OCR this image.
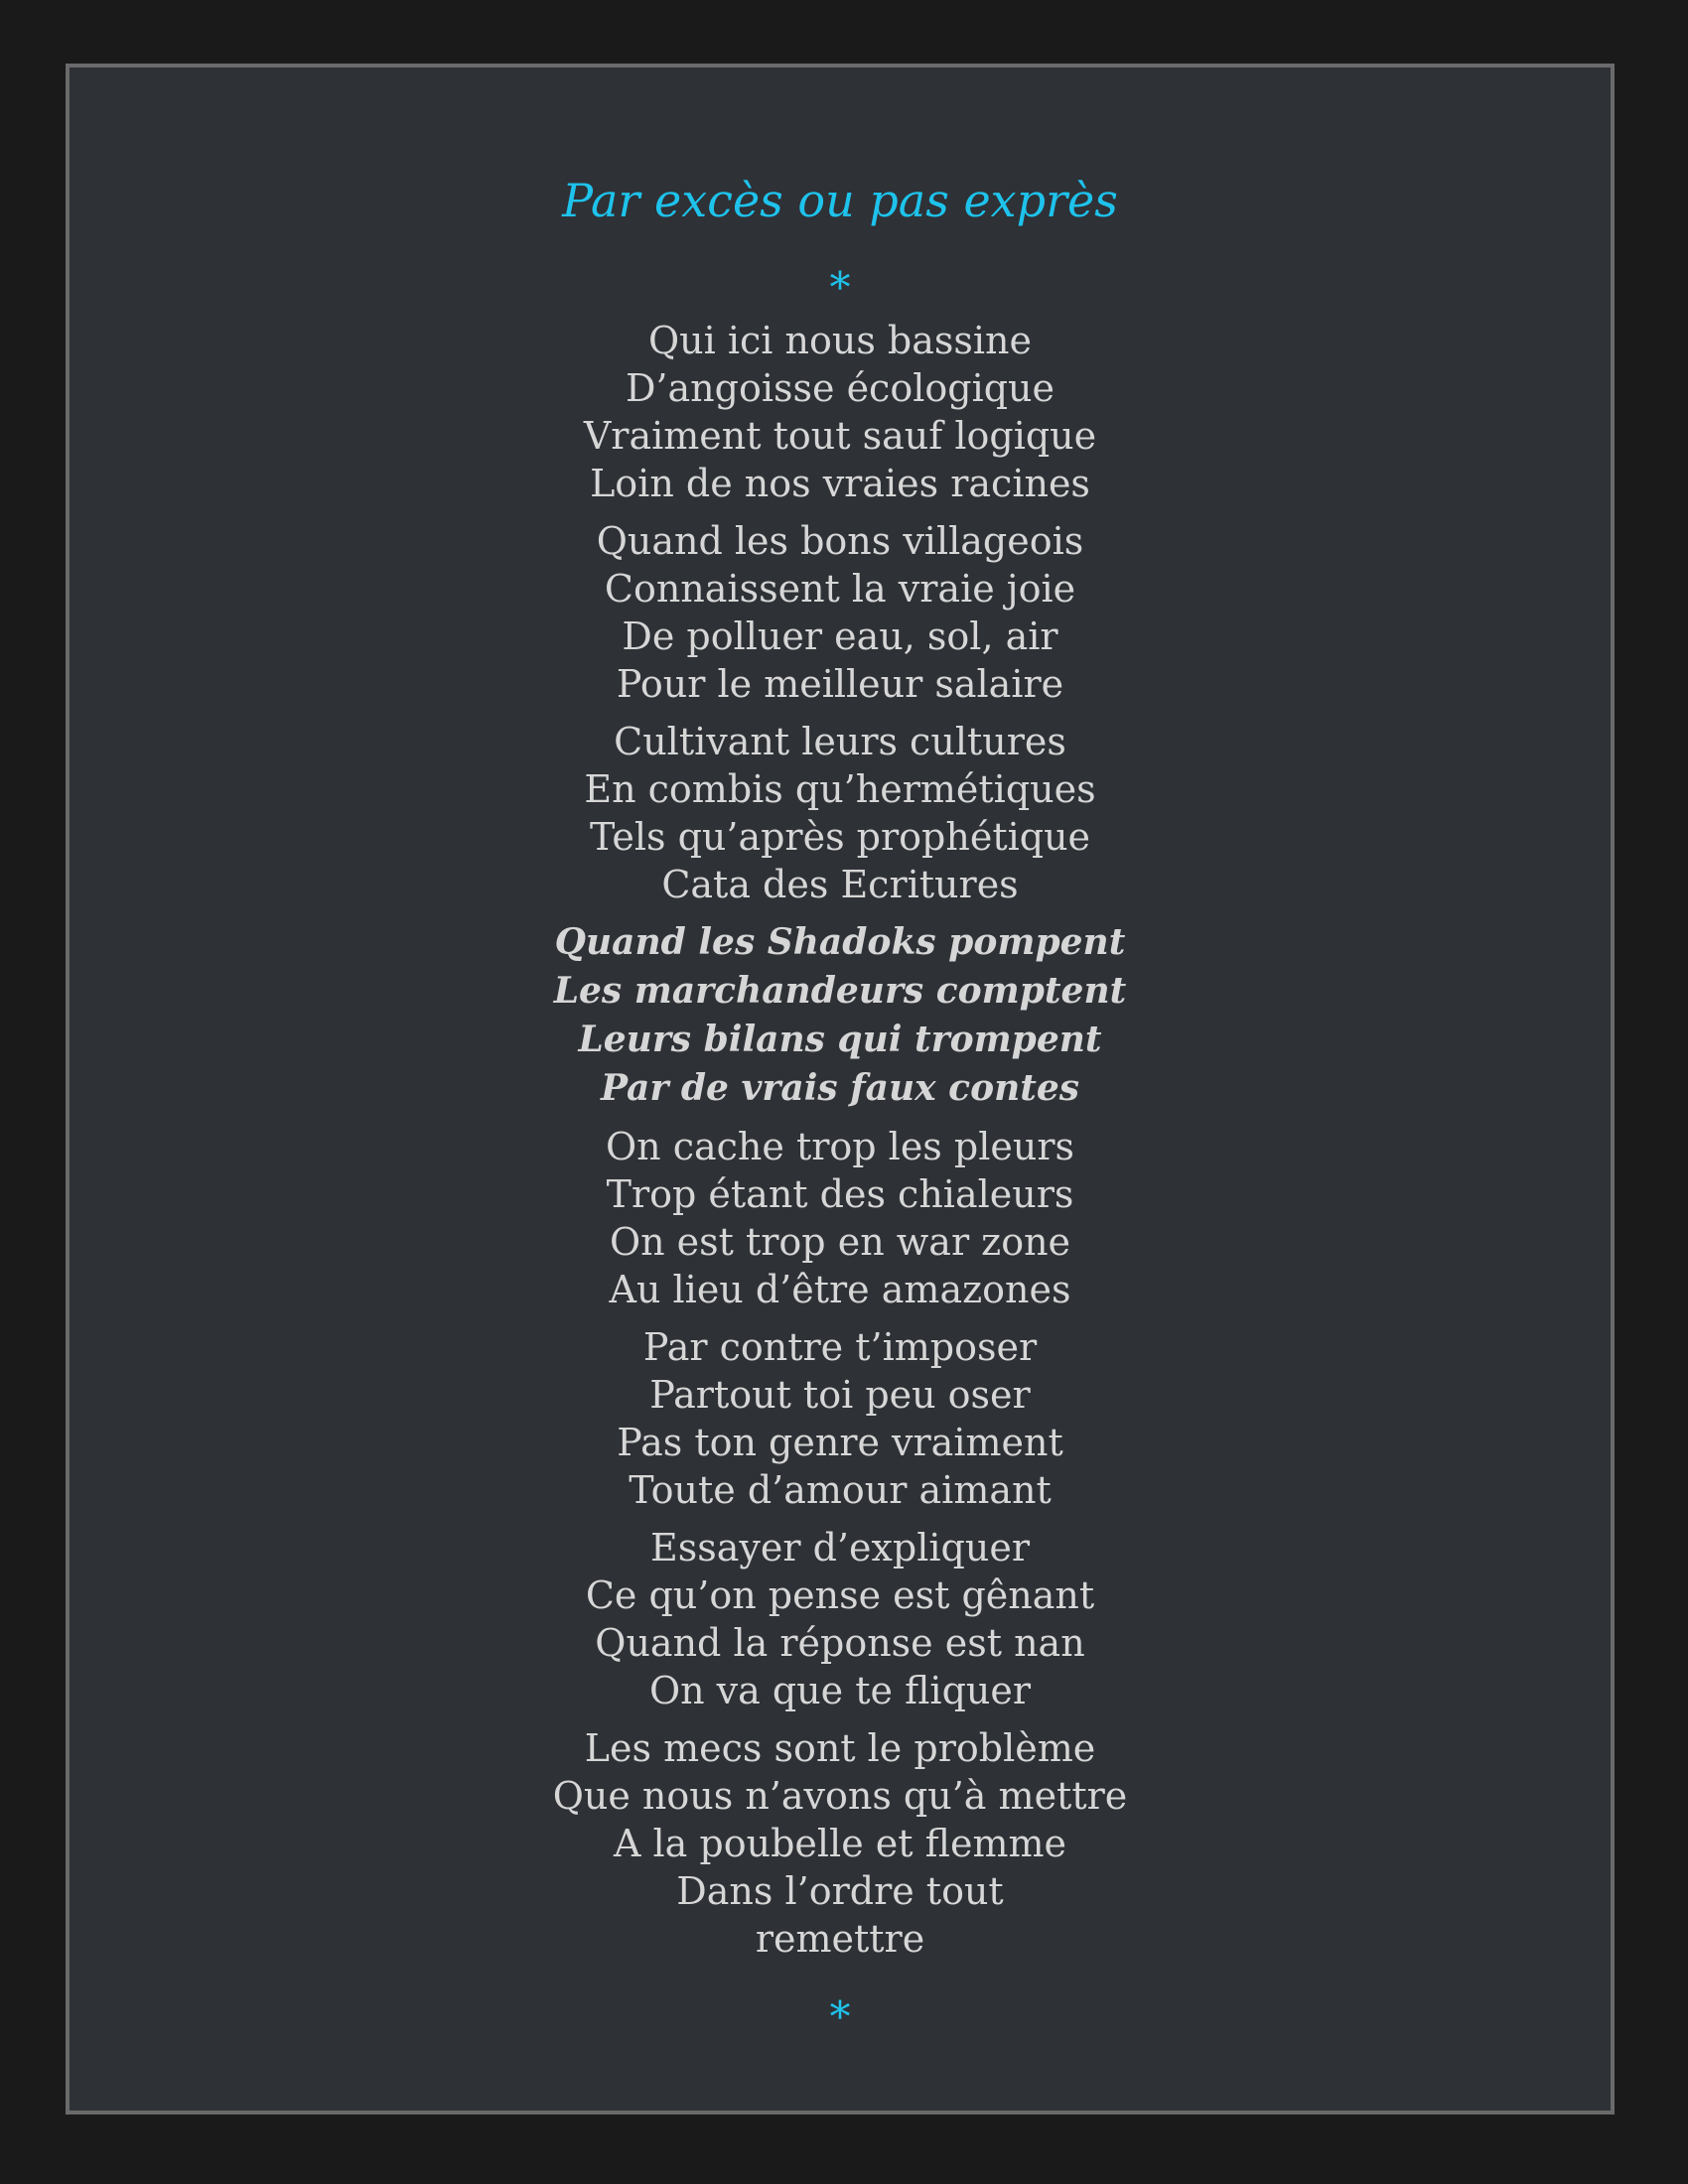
Par excès ou pas exprès
*
Qui ici nous bassine
D’angoisse écologique
Vraiment tout sauf logique
Loin de nos vraies racines
Quand les bons villageois
Connaissent la vraie joie
De polluer eau, sol, air
Pour le meilleur salaire
Cultivant leurs cultures
En combis qu’hermétiques
Tels qu’après prophétique
Cata des Ecritures
Quand les Shadoks pompent
Les marchandeurs comptent
Leurs bilans qui trompent
Par de vrais faux contes
On cache trop les pleurs
Trop étant des chialeurs
On est trop en war zone
Au lieu d’être amazones
Par contre t’imposer
Partout toi peu oser
Pas ton genre vraiment
Toute d’amour aimant
Essayer d’expliquer
Ce qu’on pense est gênant
Quand la réponse est nan
On va que te fliquer
Les mecs sont le problème
Que nous n’avons qu’à mettre
A la poubelle et flemme
Dans l’ordre tout
remettre
*
